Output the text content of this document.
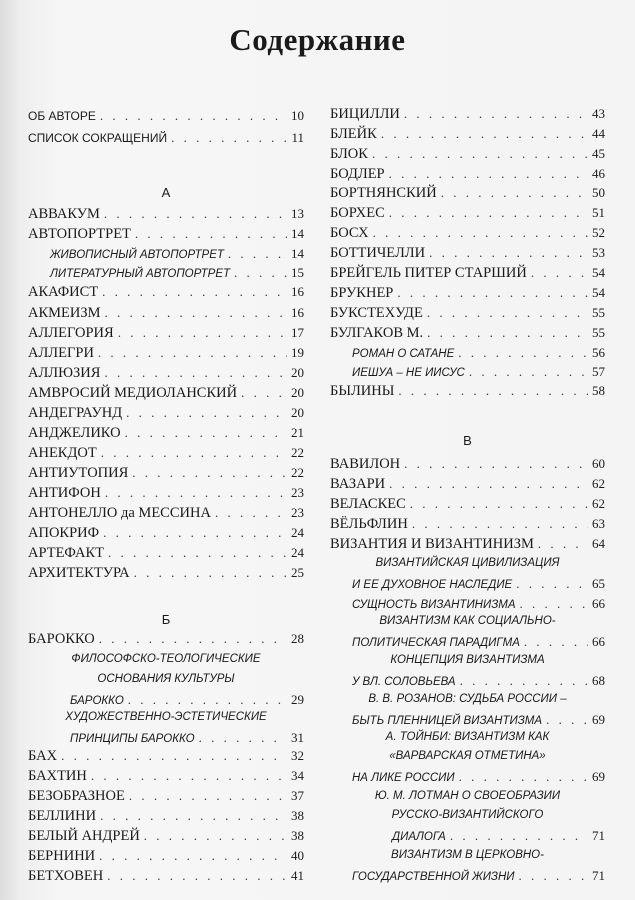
Содержание
ОБ АВТОРЕ . . .	10
СПИСОК СОКРАЩЕНИЙ . . .	11
А
АВВАКУМ . . .	13
АВТОПОРТРЕТ . . .	14
ЖИВОПИСНЫЙ АВТОПОРТРЕТ . . .	14
ЛИТЕРАТУРНЫЙ АВТОПОРТРЕТ . . .	15
АКАФИСТ . . .	16
АКМЕИЗМ . . .	16
АЛЛЕГОРИЯ . . .	17
АЛЛЕГРИ . . .	19
АЛЛЮЗИЯ . . .	20
АМВРОСИЙ МЕДИОЛАНСКИЙ . . .	20
АНДЕГРАУНД . . .	20
АНДЖЕЛИКО . . .	21
АНЕКДОТ . . .	22
АНТИУТОПИЯ . . .	22
АНТИФОН . . .	23
АНТОНЕЛЛО да МЕССИНА . . .	23
АПОКРИФ . . .	24
АРТЕФАКТ . . .	24
АРХИТЕКТУРА . . .	25
Б
БАРОККО . . .	28
ФИЛОСОФСКО-ТЕОЛОГИЧЕСКИЕ
ОСНОВАНИЯ КУЛЬТУРЫ
БАРОККО . . .	29
ХУДОЖЕСТВЕННО-ЭСТЕТИЧЕСКИЕ
ПРИНЦИПЫ БАРОККО . . .	31
БАХ . . .	32
БАХТИН . . .	34
БЕЗОБРАЗНОЕ . . .	37
БЕЛЛИНИ . . .	38
БЕЛЫЙ АНДРЕЙ . . .	38
БЕРНИНИ . . .	40
БЕТХОВЕН . . .	41
БИЦИЛЛИ . . .	43
БЛЕЙК . . .	44
БЛОК . . .	45
БОДЛЕР . . .	46
БОРТНЯНСКИЙ . . .	50
БОРХЕС . . .	51
БОСХ . . .	52
БОТТИЧЕЛЛИ . . .	53
БРЕЙГЕЛЬ ПИТЕР СТАРШИЙ . . .	54
БРУКНЕР . . .	54
БУКСТЕХУДЕ . . .	55
БУЛГАКОВ М. . . .	55
РОМАН О САТАНЕ . . .	56
ИЕШУА – НЕ ИИСУС . . .	57
БЫЛИНЫ . . .	58
В
ВАВИЛОН . . .	60
ВАЗАРИ . . .	62
ВЕЛАСКЕС . . .	62
ВЁЛЬФЛИН . . .	63
ВИЗАНТИЯ И ВИЗАНТИНИЗМ . . .	64
ВИЗАНТИЙСКАЯ ЦИВИЛИЗАЦИЯ
И ЕЕ ДУХОВНОЕ НАСЛЕДИЕ . . .	65
СУЩНОСТЬ ВИЗАНТИНИЗМА . . .	66
ВИЗАНТИЗМ КАК СОЦИАЛЬНО-
ПОЛИТИЧЕСКАЯ ПАРАДИГМА . . .	66
КОНЦЕПЦИЯ ВИЗАНТИЗМА
У ВЛ. СОЛОВЬЕВА . . .	68
В. В. РОЗАНОВ: СУДЬБА РОССИИ –
БЫТЬ ПЛЕННИЦЕЙ ВИЗАНТИЗМА . . .	69
А. ТОЙНБИ: ВИЗАНТИЗМ КАК
«ВАРВАРСКАЯ ОТМЕТИНА»
НА ЛИКЕ РОССИИ . . .	69
Ю. М. ЛОТМАН О СВОЕОБРАЗИИ
РУССКО-ВИЗАНТИЙСКОГО
ДИАЛОГА . . .	71
ВИЗАНТИЗМ В ЦЕРКОВНО-
ГОСУДАРСТВЕННОЙ ЖИЗНИ . . .	71
